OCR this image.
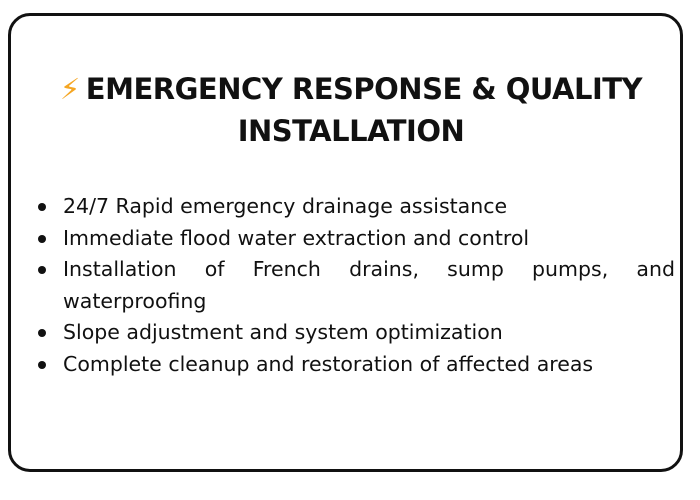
⚡ EMERGENCY RESPONSE & QUALITY INSTALLATION
24/7 Rapid emergency drainage assistance
Immediate flood water extraction and control
Installation of French drains, sump pumps, and waterproofing
Slope adjustment and system optimization
Complete cleanup and restoration of affected areas
